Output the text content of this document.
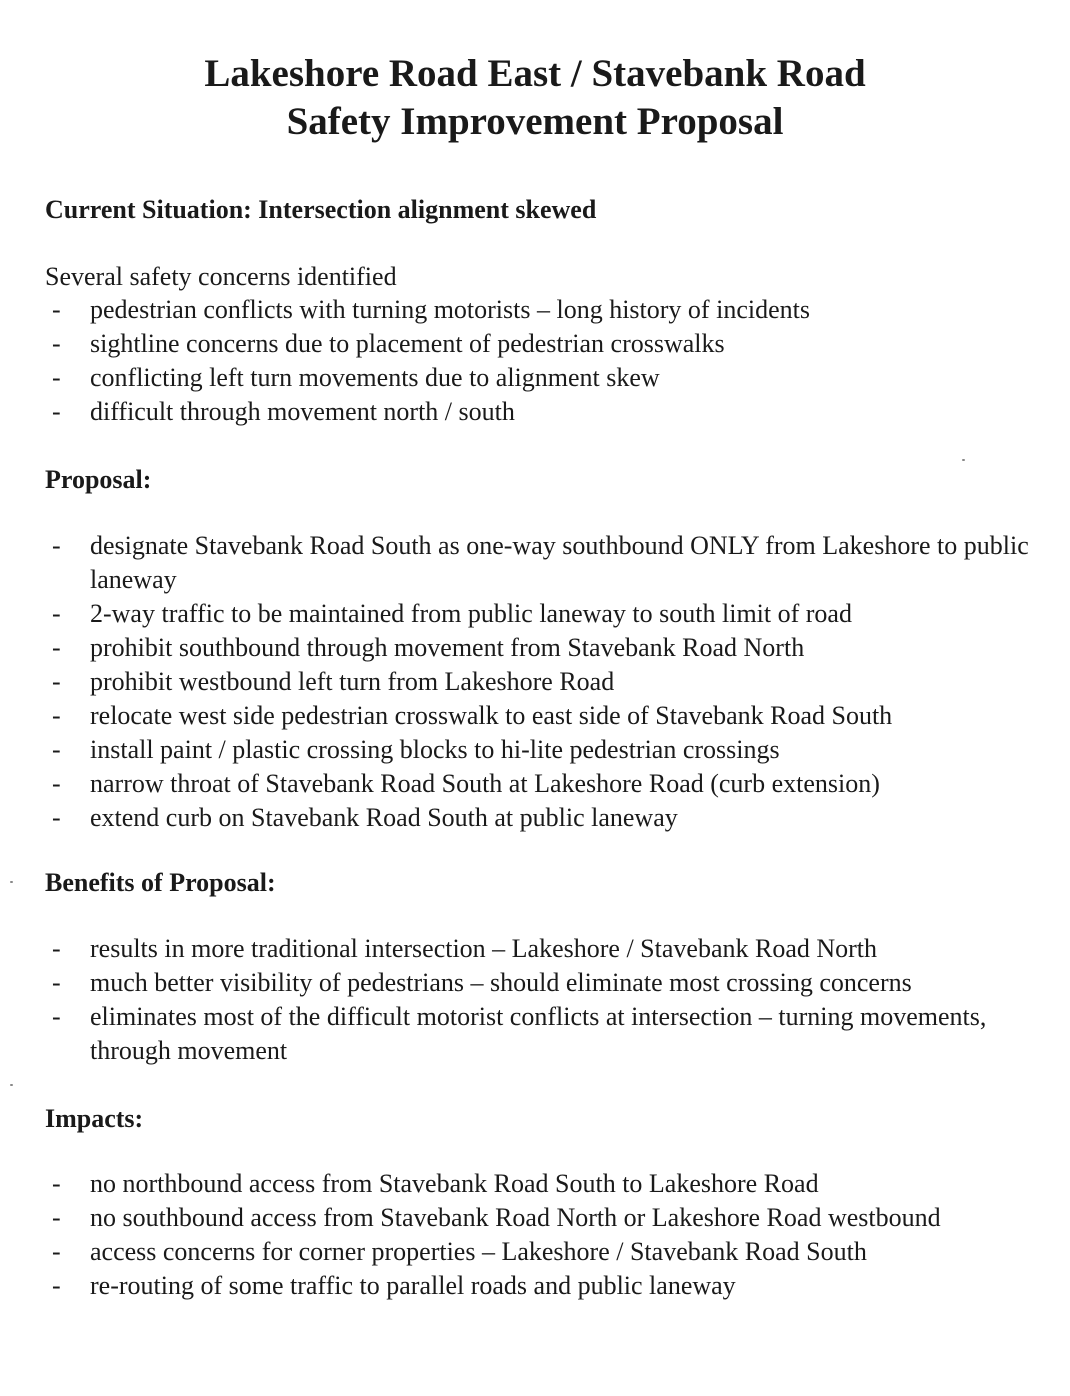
Lakeshore Road East / Stavebank Road
Safety Improvement Proposal
Current Situation: Intersection alignment skewed

Several safety concerns identified

- pedestrian conflicts with turning motorists – long history of incidents
- sightline concerns due to placement of pedestrian crosswalks
- conflicting left turn movements due to alignment skew
- difficult through movement north / south
Proposal:
- designate Stavebank Road South as one-way southbound ONLY from Lakeshore to public laneway
- 2-way traffic to be maintained from public laneway to south limit of road
- prohibit southbound through movement from Stavebank Road North
- prohibit westbound left turn from Lakeshore Road
- relocate west side pedestrian crosswalk to east side of Stavebank Road South
- install paint / plastic crossing blocks to hi-lite pedestrian crossings
- narrow throat of Stavebank Road South at Lakeshore Road (curb extension)
- extend curb on Stavebank Road South at public laneway
Benefits of Proposal:
- results in more traditional intersection – Lakeshore / Stavebank Road North
- much better visibility of pedestrians – should eliminate most crossing concerns
- eliminates most of the difficult motorist conflicts at intersection – turning movements, through movement
Impacts:
- no northbound access from Stavebank Road South to Lakeshore Road
- no southbound access from Stavebank Road North or Lakeshore Road westbound
- access concerns for corner properties – Lakeshore / Stavebank Road South
- re-routing of some traffic to parallel roads and public laneway
